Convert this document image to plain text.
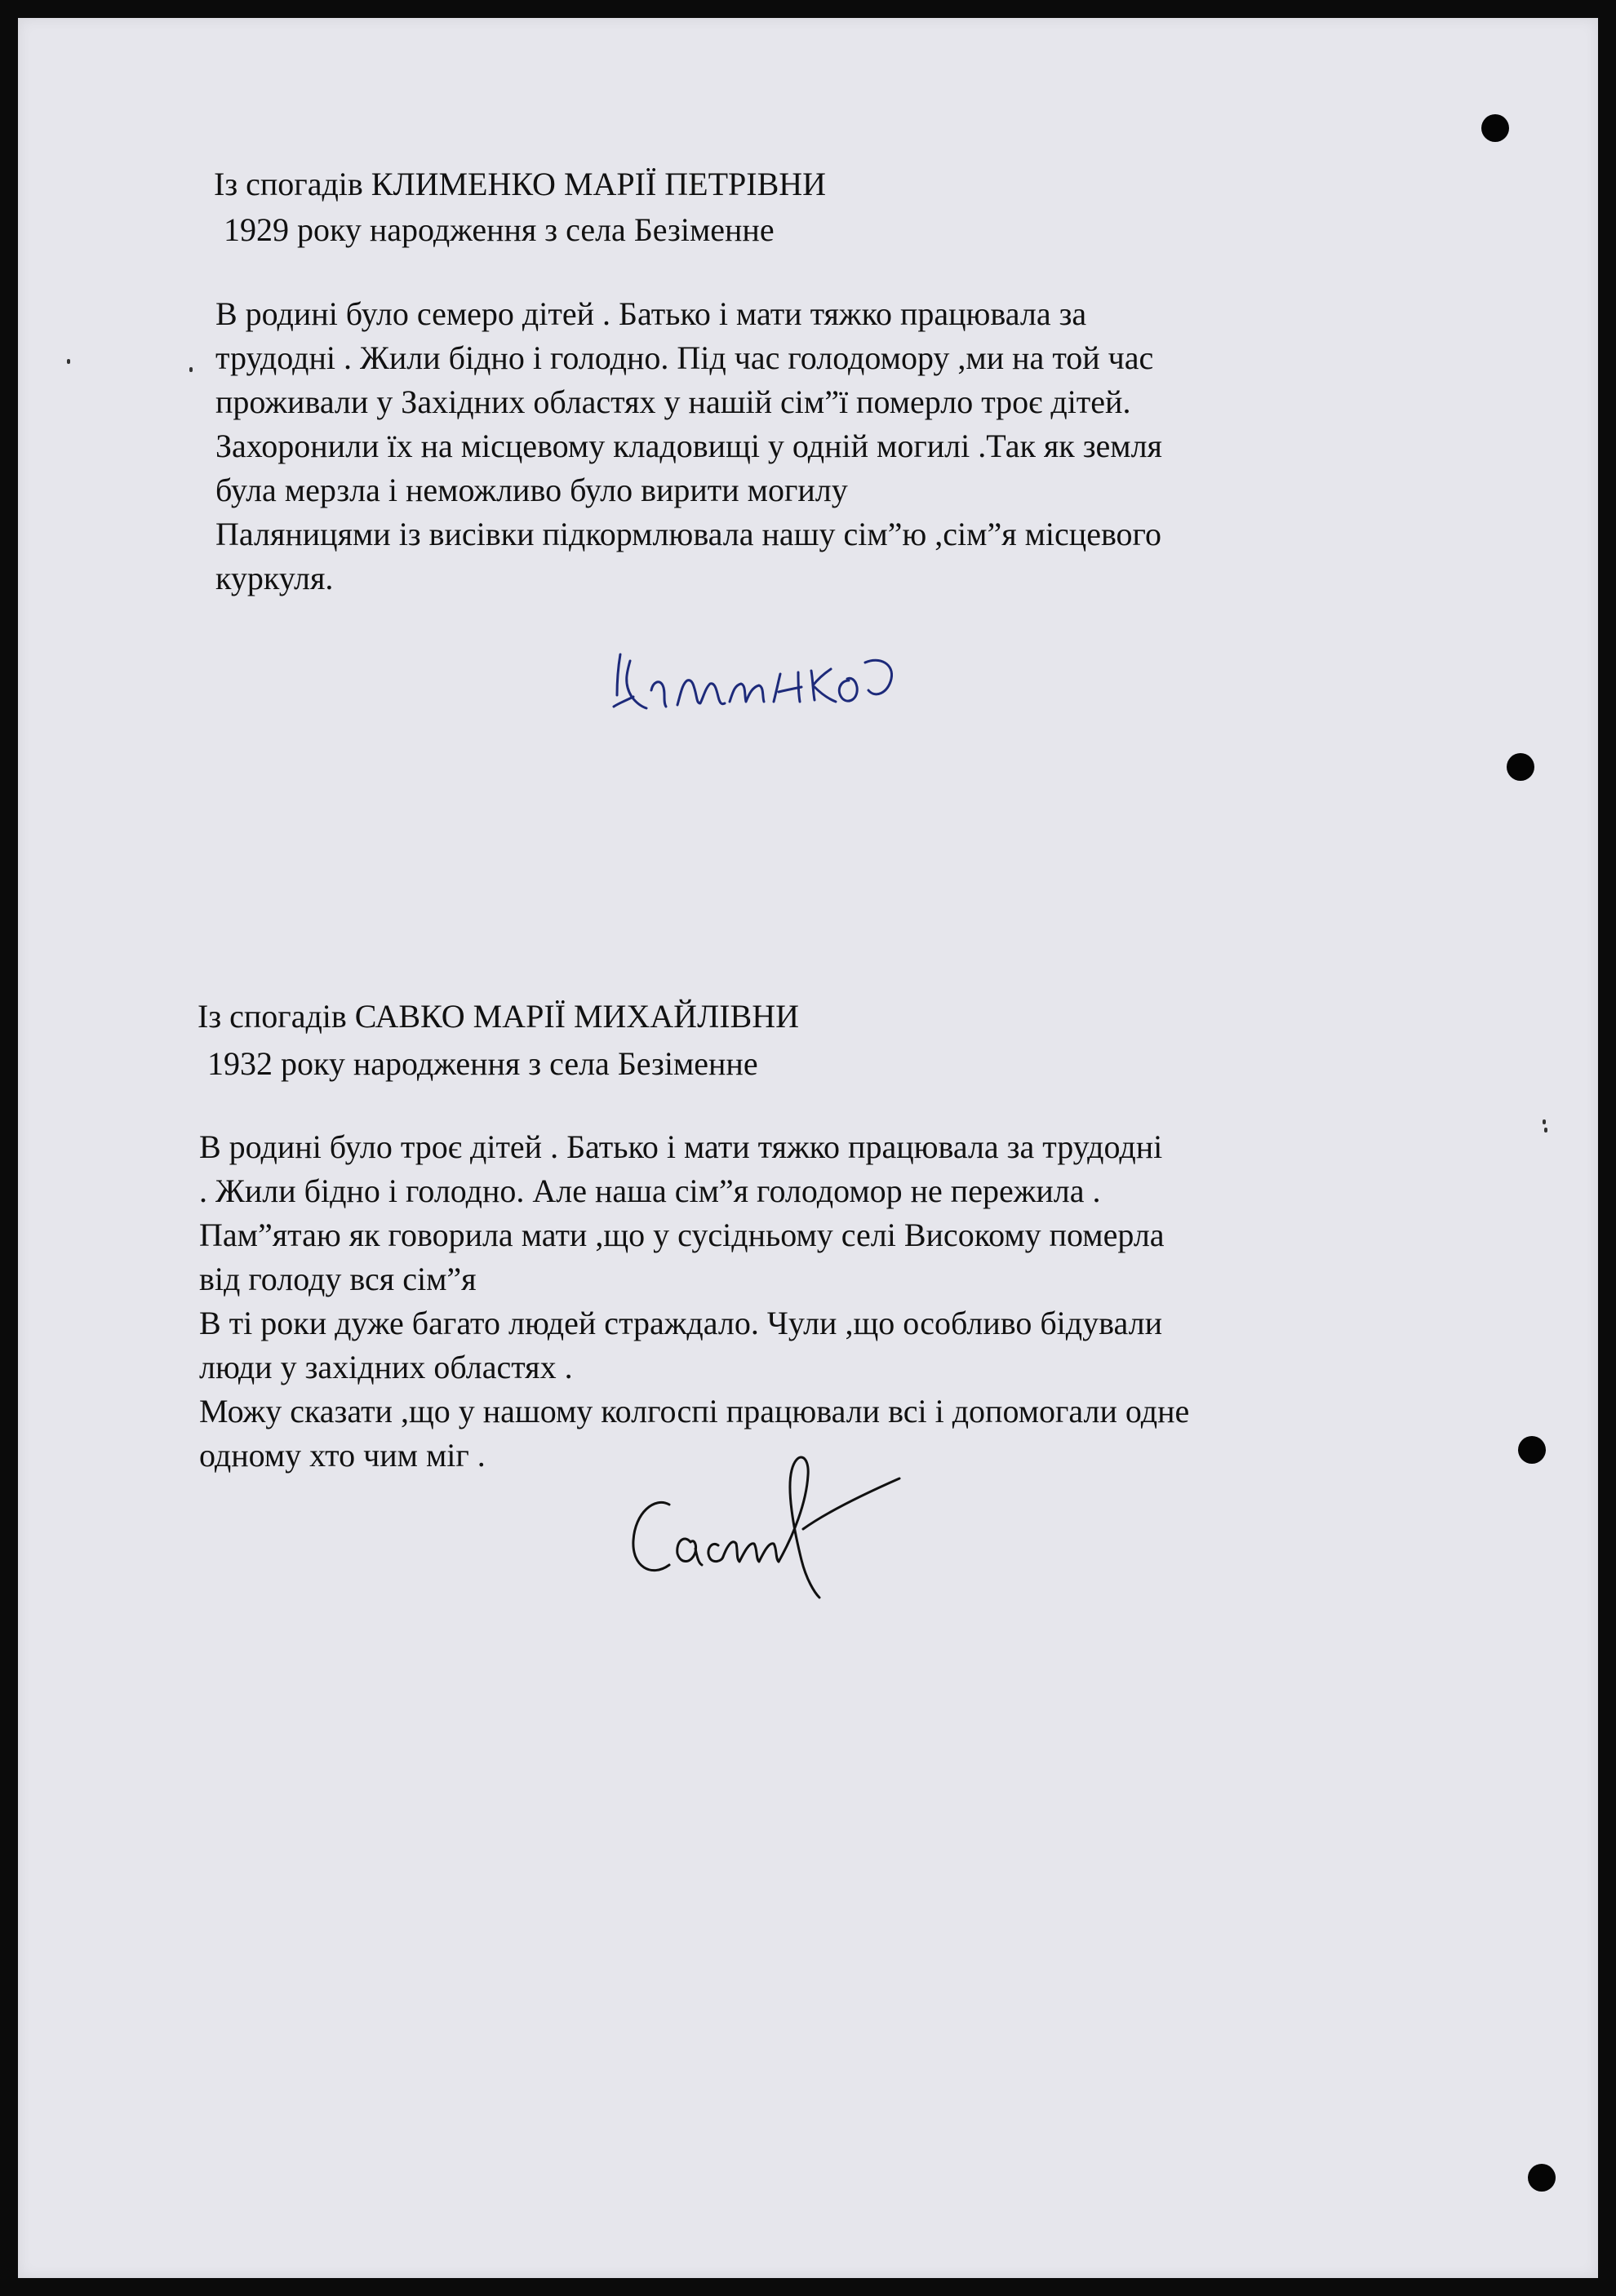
Із спогадів КЛИМЕНКО МАРІЇ ПЕТРІВНИ
1929 року народження з села Безіменне
В родині було семеро дітей . Батько і мати тяжко працювала за
трудодні . Жили бідно і голодно. Під час голодомору ,ми на той час
проживали у Західних областях у нашій сім”ї померло троє дітей.
Захоронили їх на місцевому кладовищі у одній могилі .Так як земля
була мерзла і неможливо було вирити могилу
Паляницями із висівки підкормлювала нашу сім”ю ,сім”я місцевого
куркуля.
Із спогадів САВКО МАРІЇ МИХАЙЛІВНИ
1932 року народження з села Безіменне
В родині було троє дітей . Батько і мати тяжко працювала за трудодні
. Жили бідно і голодно. Але наша сім”я голодомор не пережила .
Пам”ятаю як говорила мати ,що у сусідньому селі Високому померла
від голоду вся сім”я
В ті роки дуже багато людей страждало. Чули ,що особливо бідували
люди у західних областях .
Можу сказати ,що у нашому колгоспі працювали всі і допомогали одне
одному хто чим міг .
